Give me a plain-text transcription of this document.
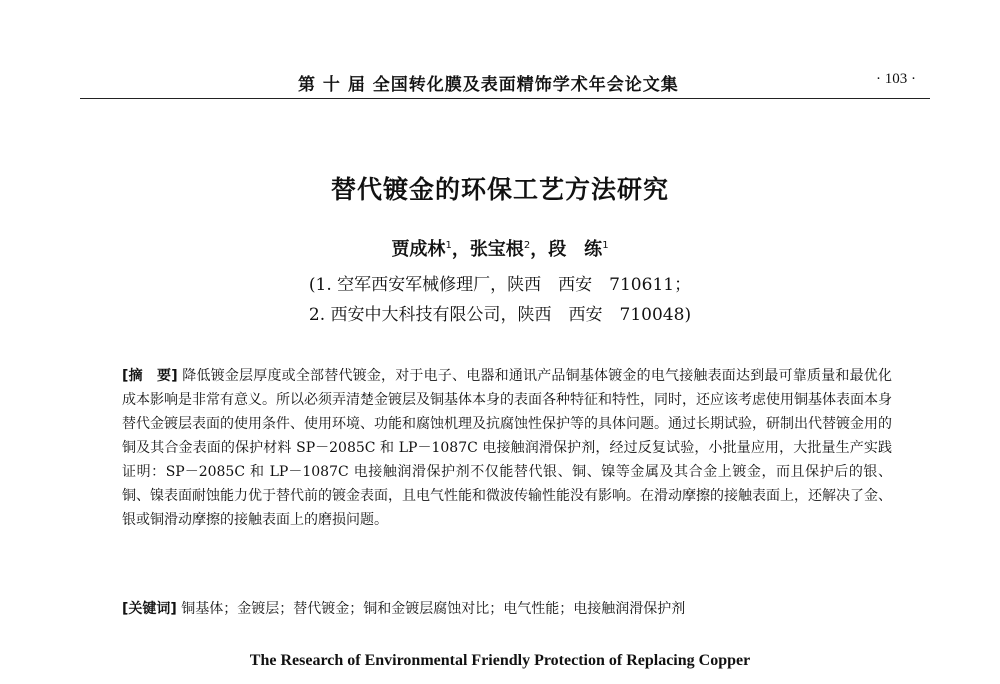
第 十 届 全国转化膜及表面精饰学术年会论文集	· 103 ·
替代镀金的环保工艺方法研究
贾成林$^1$，张宝根$^2$，段　练$^1$
(1. 空军西安军械修理厂，陕西　西安　710611；
2. 西安中大科技有限公司，陕西　西安　710048)
[摘　要] 降低镀金层厚度或全部替代镀金，对于电子、电器和通讯产品铜基体镀金的电气接触表面达到最可靠质量和最优化成本影响是非常有意义。所以必须弄清楚金镀层及铜基体本身的表面各种特征和特性，同时，还应该考虑使用铜基体表面本身替代金镀层表面的使用条件、使用环境、功能和腐蚀机理及抗腐蚀性保护等的具体问题。通过长期试验，研制出代替镀金用的铜及其合金表面的保护材料 SP－2085C 和 LP－1087C 电接触润滑保护剂，经过反复试验，小批量应用，大批量生产实践证明：SP－2085C 和 LP－1087C 电接触润滑保护剂不仅能替代银、铜、镍等金属及其合金上镀金，而且保护后的银、铜、镍表面耐蚀能力优于替代前的镀金表面，且电气性能和微波传输性能没有影响。在滑动摩擦的接触表面上，还解决了金、银或铜滑动摩擦的接触表面上的磨损问题。
[关键词] 铜基体；金镀层；替代镀金；铜和金镀层腐蚀对比；电气性能；电接触润滑保护剂
The Research of Environmental Friendly Protection of Replacing Copper
